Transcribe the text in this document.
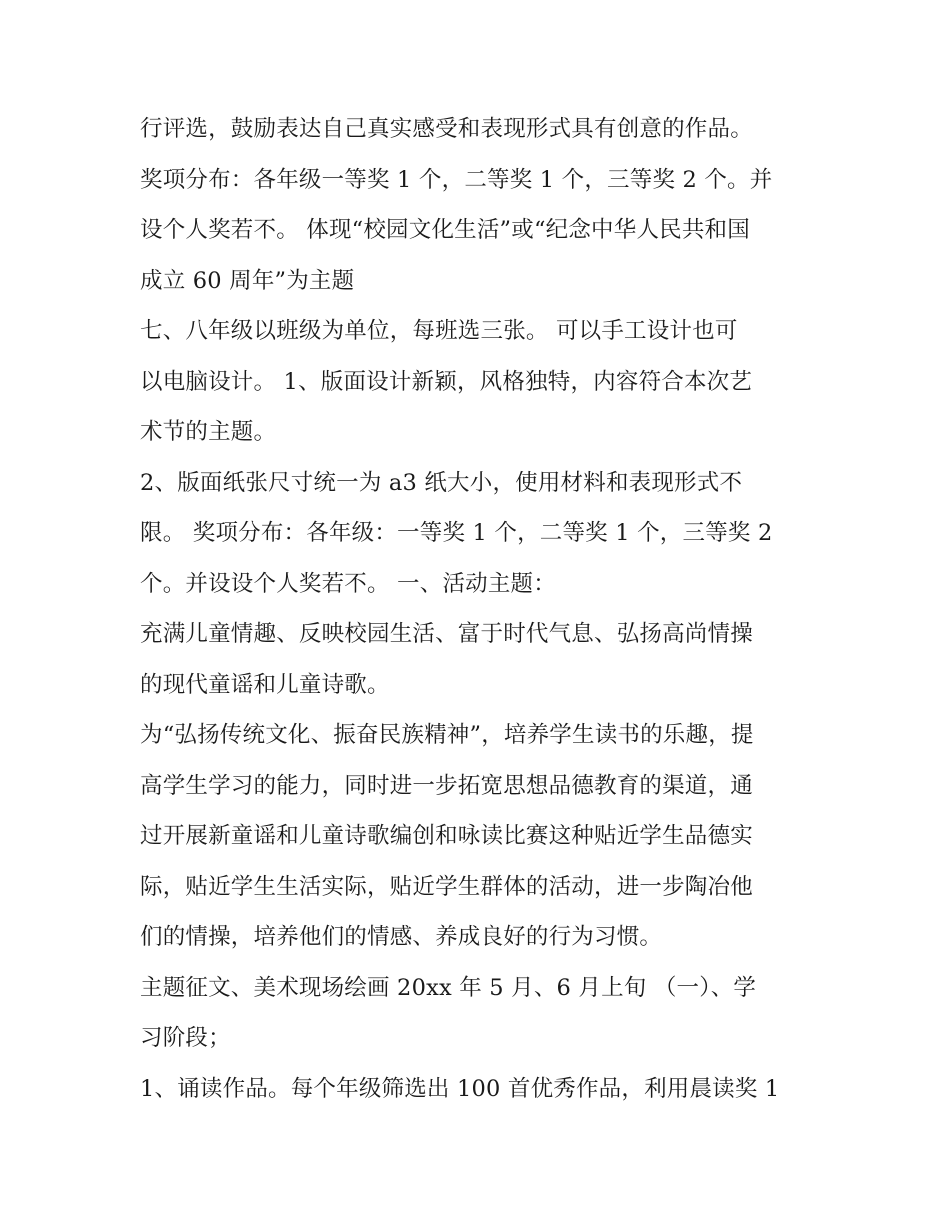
行评选，鼓励表达自己真实感受和表现形式具有创意的作品。
奖项分布：各年级一等奖 1 个，二等奖 1 个，三等奖 2 个。并
设个人奖若不。 体现“校园文化生活”或“纪念中华人民共和国
成立 60 周年”为主题
七、八年级以班级为单位，每班选三张。 可以手工设计也可
以电脑设计。 1、版面设计新颖，风格独特，内容符合本次艺
术节的主题。
2、版面纸张尺寸统一为 a3 纸大小，使用材料和表现形式不
限。 奖项分布：各年级：一等奖 1 个，二等奖 1 个，三等奖 2
个。并设设个人奖若不。 一、活动主题：
充满儿童情趣、反映校园生活、富于时代气息、弘扬高尚情操
的现代童谣和儿童诗歌。
为“弘扬传统文化、振奋民族精神”，培养学生读书的乐趣，提
高学生学习的能力，同时进一步拓宽思想品德教育的渠道，通
过开展新童谣和儿童诗歌编创和咏读比赛这种贴近学生品德实
际，贴近学生生活实际，贴近学生群体的活动，进一步陶冶他
们的情操，培养他们的情感、养成良好的行为习惯。
主题征文、美术现场绘画 20xx 年 5 月、6 月上旬 （一）、学
习阶段；
1、诵读作品。每个年级筛选出 100 首优秀作品，利用晨读奖 1
